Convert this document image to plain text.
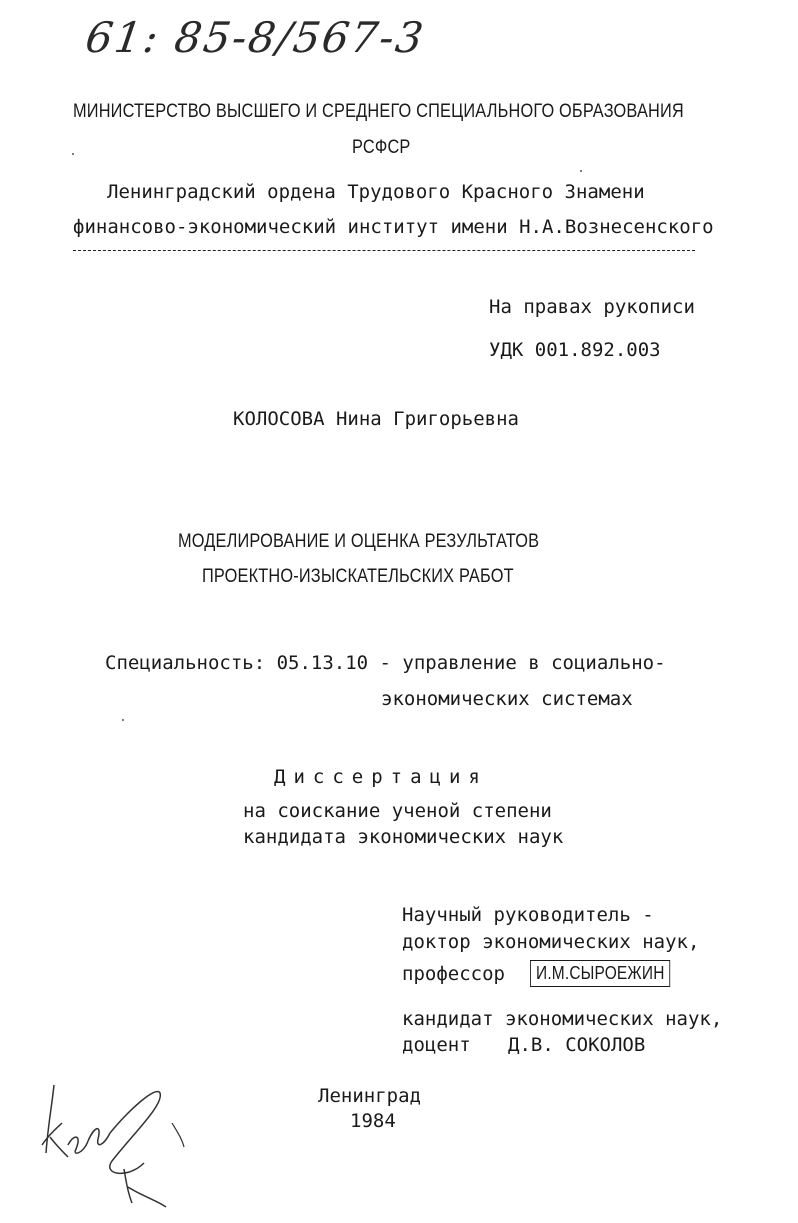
61: 85-8/567-3
МИНИСТЕРСТВО ВЫСШЕГО И СРЕДНЕГО СПЕЦИАЛЬНОГО ОБРАЗОВАНИЯ
РСФСР
Ленинградский ордена Трудового Красного Знамени
финансово-экономический институт имени Н.А.Вознесенского
На правах рукописи
УДК 001.892.003
КОЛОСОВА Нина Григорьевна
МОДЕЛИРОВАНИЕ И ОЦЕНКА РЕЗУЛЬТАТОВ
ПРОЕКТНО-ИЗЫСКАТЕЛЬСКИХ РАБОТ
Специальность: 05.13.10 - управление в социально-
экономических системах
Диссертация
на соискание ученой степени
кандидата экономических наук
Научный руководитель -
доктор экономических наук,
профессор	И.М.СЫРОЕЖИН
кандидат экономических наук,
доцент Д.В. СОКОЛОВ
Ленинград
1984
